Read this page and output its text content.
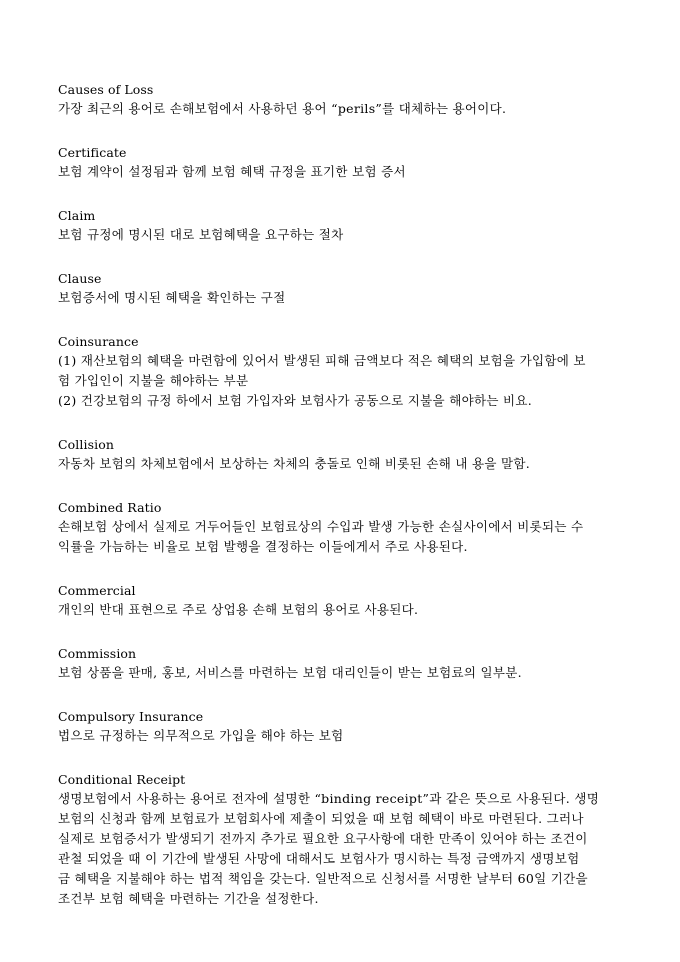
Causes of Loss

가장 최근의 용어로 손해보험에서 사용하던 용어 “perils”를 대체하는 용어이다.

Certificate

보험 계약이 설정됨과 함께 보험 혜택 규정을 표기한 보험 증서

Claim

보험 규정에 명시된 대로 보험혜택을 요구하는 절차

Clause

보험증서에 명시된 혜택을 확인하는 구절

Coinsurance

(1) 재산보험의 혜택을 마련함에 있어서 발생된 피해 금액보다 적은 혜택의 보험을 가입함에 보

험 가입인이 지불을 해야하는 부분

(2) 건강보험의 규정 하에서 보험 가입자와 보험사가 공동으로 지불을 해야하는 비요.

Collision

자동차 보험의 차체보험에서 보상하는 차체의 충돌로 인해 비롯된 손해 내 용을 말함.

Combined Ratio

손해보험 상에서 실제로 거두어들인 보험료상의 수입과 발생 가능한 손실사이에서 비롯되는 수

익률을 가늠하는 비율로 보험 발행을 결정하는 이들에게서 주로 사용된다.

Commercial

개인의 반대 표현으로 주로 상업용 손해 보험의 용어로 사용된다.

Commission

보험 상품을 판매, 홍보, 서비스를 마련하는 보험 대리인들이 받는 보험료의 일부분.

Compulsory Insurance

법으로 규정하는 의무적으로 가입을 해야 하는 보험

Conditional Receipt

생명보험에서 사용하는 용어로 전자에 설명한 “binding receipt”과 같은 뜻으로 사용된다. 생명

보험의 신청과 함께 보험료가 보험회사에 제출이 되었을 때 보험 혜택이 바로 마련된다. 그러나

실제로 보험증서가 발생되기 전까지 추가로 필요한 요구사항에 대한 만족이 있어야 하는 조건이

관철 되었을 때 이 기간에 발생된 사망에 대해서도 보험사가 명시하는 특정 금액까지 생명보험

금 혜택을 지불해야 하는 법적 책임을 갖는다. 일반적으로 신청서를 서명한 날부터 60일 기간을

조건부 보험 혜택을 마련하는 기간을 설정한다.
